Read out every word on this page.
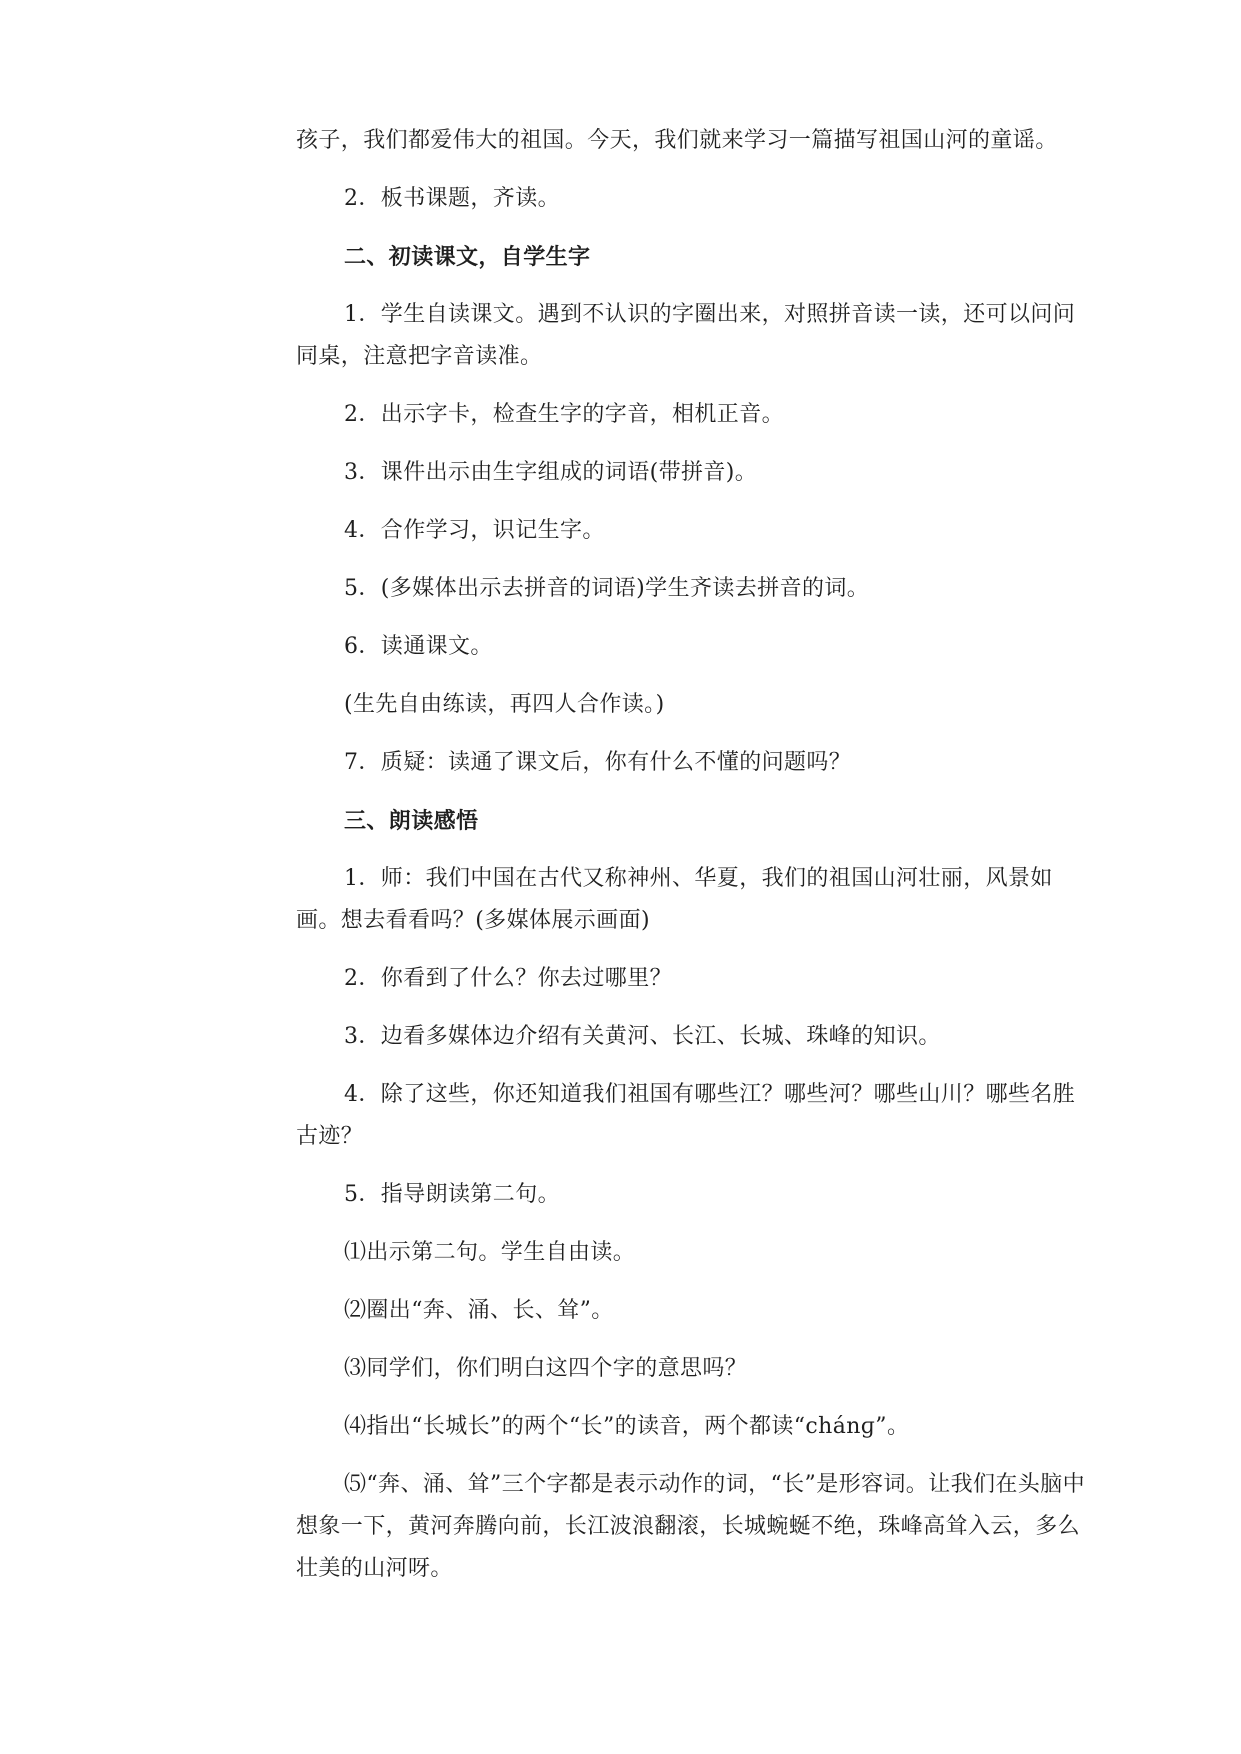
孩子，我们都爱伟大的祖国。今天，我们就来学习一篇描写祖国山河的童谣。

2．板书课题，齐读。

二、初读课文，自学生字

1．学生自读课文。遇到不认识的字圈出来，对照拼音读一读，还可以问问同桌，注意把字音读准。

2．出示字卡，检查生字的字音，相机正音。

3．课件出示由生字组成的词语(带拼音)。

4．合作学习，识记生字。

5．(多媒体出示去拼音的词语)学生齐读去拼音的词。

6．读通课文。

(生先自由练读，再四人合作读。)

7．质疑：读通了课文后，你有什么不懂的问题吗？

三、朗读感悟

1．师：我们中国在古代又称神州、华夏，我们的祖国山河壮丽，风景如画。想去看看吗？(多媒体展示画面)

2．你看到了什么？你去过哪里？

3．边看多媒体边介绍有关黄河、长江、长城、珠峰的知识。

4．除了这些，你还知道我们祖国有哪些江？哪些河？哪些山川？哪些名胜古迹？

5．指导朗读第二句。

⑴出示第二句。学生自由读。

⑵圈出“奔、涌、长、耸”。

⑶同学们，你们明白这四个字的意思吗？

⑷指出“长城长”的两个“长”的读音，两个都读“chánɡ”。

⑸“奔、涌、耸”三个字都是表示动作的词，“长”是形容词。让我们在头脑中想象一下，黄河奔腾向前，长江波浪翻滚，长城蜿蜒不绝，珠峰高耸入云，多么壮美的山河呀。
